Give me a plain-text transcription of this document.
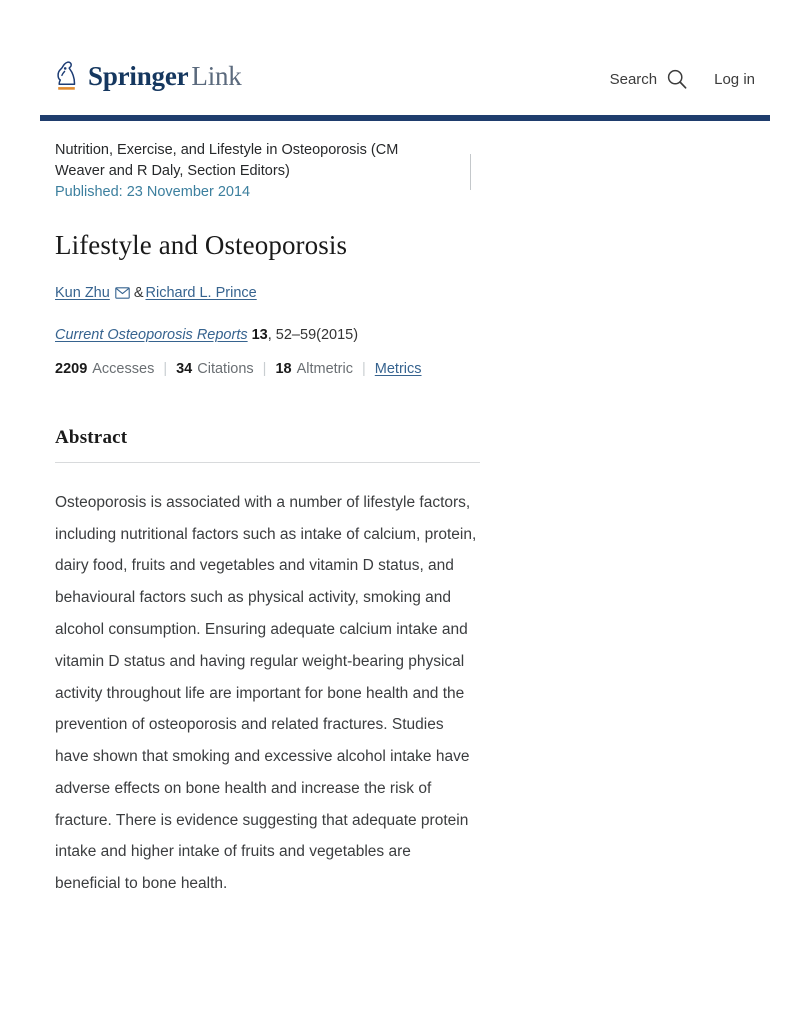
Springer Link	Search	Log in

Nutrition, Exercise, and Lifestyle in Osteoporosis (CM Weaver and R Daly, Section Editors)

Published: 23 November 2014

Lifestyle and Osteoporosis
Kun Zhu & Richard L. Prince
Current Osteoporosis Reports 13, 52–59(2015)
2209 Accesses | 34 Citations | 18 Altmetric | Metrics
Abstract

Osteoporosis is associated with a number of lifestyle factors, including nutritional factors such as intake of calcium, protein, dairy food, fruits and vegetables and vitamin D status, and behavioural factors such as physical activity, smoking and alcohol consumption. Ensuring adequate calcium intake and vitamin D status and having regular weight-bearing physical activity throughout life are important for bone health and the prevention of osteoporosis and related fractures. Studies have shown that smoking and excessive alcohol intake have adverse effects on bone health and increase the risk of fracture. There is evidence suggesting that adequate protein intake and higher intake of fruits and vegetables are beneficial to bone health.
